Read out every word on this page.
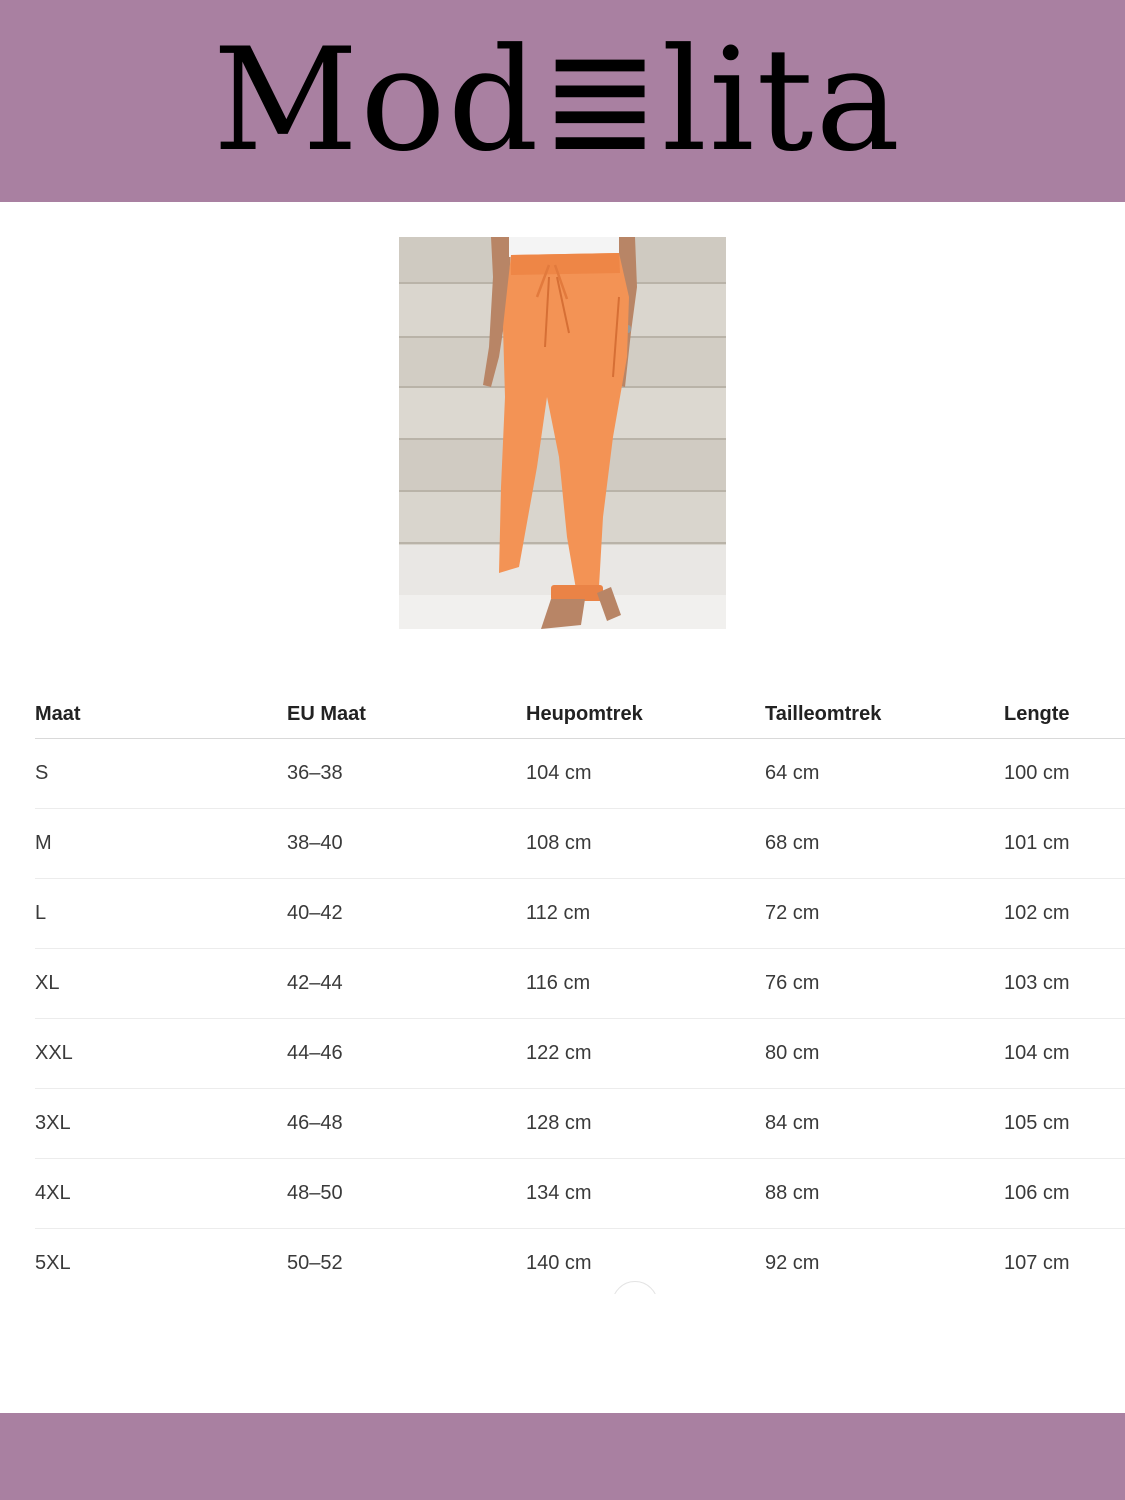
Mod≣lita
Maat	EU Maat	Heupomtrek	Tailleomtrek	Lengte
S	36–38	104 cm	64 cm	100 cm
M	38–40	108 cm	68 cm	101 cm
L	40–42	112 cm	72 cm	102 cm
XL	42–44	116 cm	76 cm	103 cm
XXL	44–46	122 cm	80 cm	104 cm
3XL	46–48	128 cm	84 cm	105 cm
4XL	48–50	134 cm	88 cm	106 cm
5XL	50–52	140 cm	92 cm	107 cm
